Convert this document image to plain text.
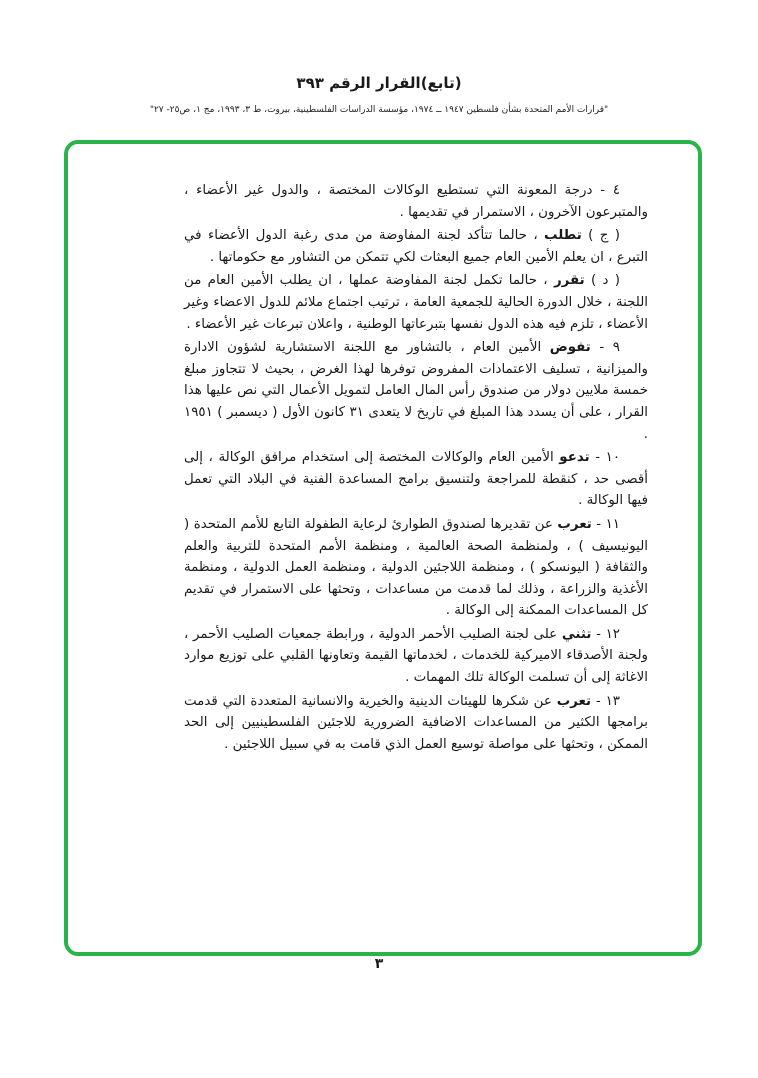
(تابع)القرار الرقم ٣٩٣
"قرارات الأمم المتحدة بشأن فلسطين ١٩٤٧ ــ ١٩٧٤، مؤسسة الدراسات الفلسطينية، بيروت، ط ٣، ١٩٩٣، مج ١، ص٢٥- ٢٧"

٤ - درجة المعونة التي تستطيع الوكالات المختصة ، والدول غير الأعضاء ، والمتبرعون الآخرون ، الاستمرار في تقديمها .

( ج ) تطلب ، حالما تتأكد لجنة المفاوضة من مدى رغبة الدول الأعضاء في التبرع ، ان يعلم الأمين العام جميع البعثات لكي تتمكن من التشاور مع حكوماتها .

( د ) تقرر ، حالما تكمل لجنة المفاوضة عملها ، ان يطلب الأمين العام من اللجنة ، خلال الدورة الحالية للجمعية العامة ، ترتيب اجتماع ملائم للدول الاعضاء وغير الأعضاء ، تلزم فيه هذه الدول نفسها بتبرعاتها الوطنية ، واعلان تبرعات غير الأعضاء .

٩ - تفوض الأمين العام ، بالتشاور مع اللجنة الاستشارية لشؤون الادارة والميزانية ، تسليف الاعتمادات المفروض توفرها لهذا الغرض ، بحيث لا تتجاوز مبلغ خمسة ملايين دولار من صندوق رأس المال العامل لتمويل الأعمال التي نص عليها هذا القرار ، على أن يسدد هذا المبلغ في تاريخ لا يتعدى ٣١ كانون الأول ( ديسمبر ) ١٩٥١ .

١٠ - تدعو الأمين العام والوكالات المختصة إلى استخدام مرافق الوكالة ، إلى أقصى حد ، كنقطة للمراجعة ولتنسيق برامج المساعدة الفنية في البلاد التي تعمل فيها الوكالة .

١١ - تعرب عن تقديرها لصندوق الطوارئ لرعاية الطفولة التابع للأمم المتحدة ( اليونيسيف ) ، ولمنظمة الصحة العالمية ، ومنظمة الأمم المتحدة للتربية والعلم والثقافة ( اليونسكو ) ، ومنظمة اللاجئين الدولية ، ومنظمة العمل الدولية ، ومنظمة الأغذية والزراعة ، وذلك لما قدمت من مساعدات ، وتحثها على الاستمرار في تقديم كل المساعدات الممكنة إلى الوكالة .

١٢ - تثني على لجنة الصليب الأحمر الدولية ، ورابطة جمعيات الصليب الأحمر ، ولجنة الأصدقاء الاميركية للخدمات ، لخدماتها القيمة وتعاونها القلبي على توزيع موارد الاغاثة إلى أن تسلمت الوكالة تلك المهمات .

١٣ - تعرب عن شكرها للهيئات الدينية والخيرية والانسانية المتعددة التي قدمت برامجها الكثير من المساعدات الاضافية الضرورية للاجئين الفلسطينيين إلى الحد الممكن ، وتحثها على مواصلة توسيع العمل الذي قامت به في سبيل اللاجئين .

٣
